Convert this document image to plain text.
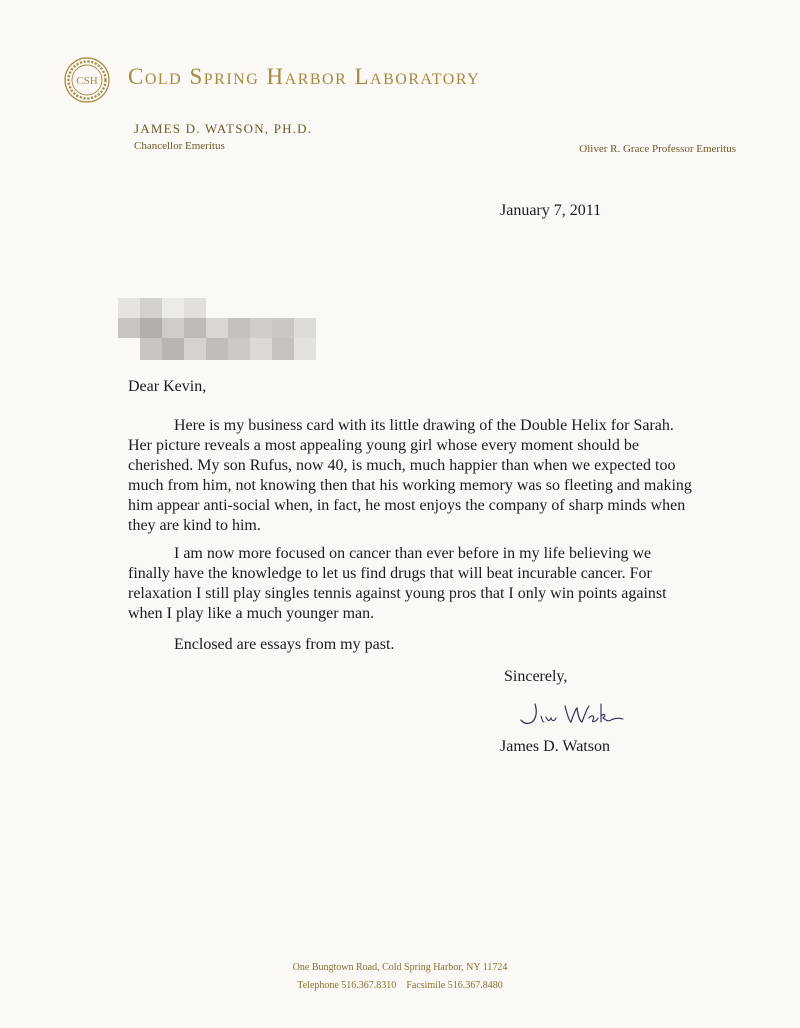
CSH Cold Spring Harbor Laboratory
JAMES D. WATSON, PH.D.
Chancellor Emeritus	Oliver R. Grace Professor Emeritus
January 7, 2011
Dear Kevin,
Here is my business card with its little drawing of the Double Helix for Sarah.
Her picture reveals a most appealing young girl whose every moment should be
cherished. My son Rufus, now 40, is much, much happier than when we expected too
much from him, not knowing then that his working memory was so fleeting and making
him appear anti-social when, in fact, he most enjoys the company of sharp minds when
they are kind to him.
I am now more focused on cancer than ever before in my life believing we
finally have the knowledge to let us find drugs that will beat incurable cancer. For
relaxation I still play singles tennis against young pros that I only win points against
when I play like a much younger man.
Enclosed are essays from my past.
Sincerely,
James D. Watson
One Bungtown Road, Cold Spring Harbor, NY 11724
Telephone 516.367.8310 Facsimile 516.367.8480
